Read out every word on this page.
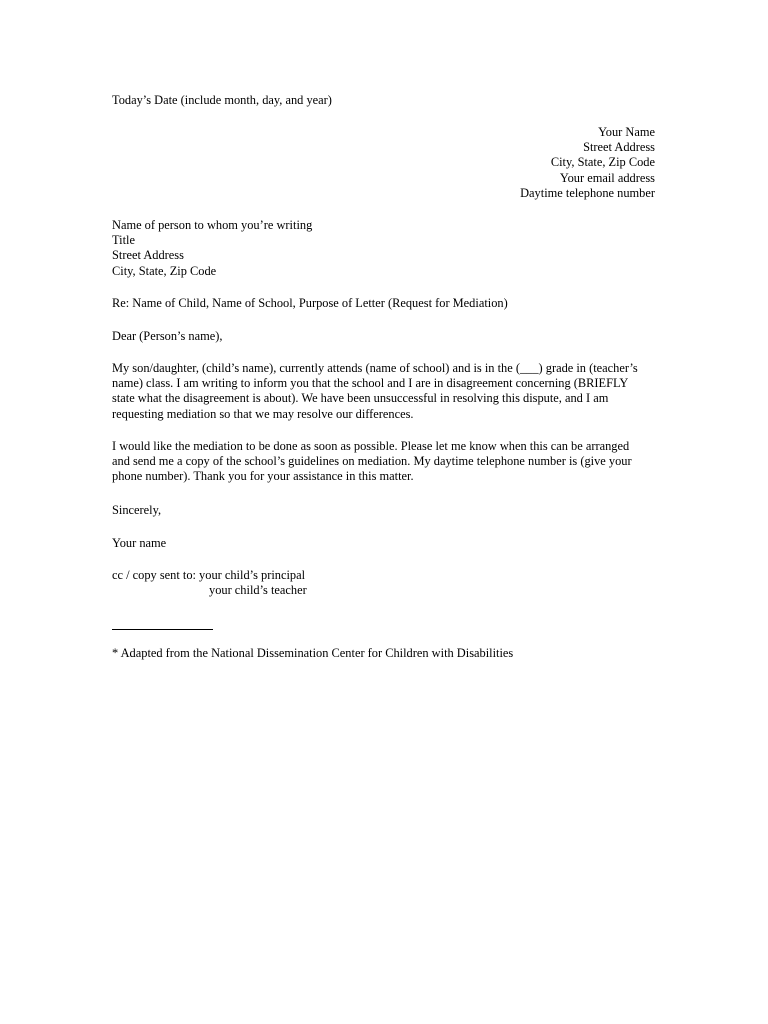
Today’s Date (include month, day, and year)
Your Name
Street Address
City, State, Zip Code
Your email address
Daytime telephone number
Name of person to whom you’re writing
Title
Street Address
City, State, Zip Code
Re: Name of Child, Name of School, Purpose of Letter (Request for Mediation)
Dear (Person’s name),
My son/daughter, (child’s name), currently attends (name of school) and is in the (___) grade in (teacher’s
name) class. I am writing to inform you that the school and I are in disagreement concerning (BRIEFLY
state what the disagreement is about). We have been unsuccessful in resolving this dispute, and I am
requesting mediation so that we may resolve our differences.
I would like the mediation to be done as soon as possible. Please let me know when this can be arranged
and send me a copy of the school’s guidelines on mediation. My daytime telephone number is (give your
phone number). Thank you for your assistance in this matter.
Sincerely,
Your name
cc / copy sent to: your child’s principal
your child’s teacher
* Adapted from the National Dissemination Center for Children with Disabilities
